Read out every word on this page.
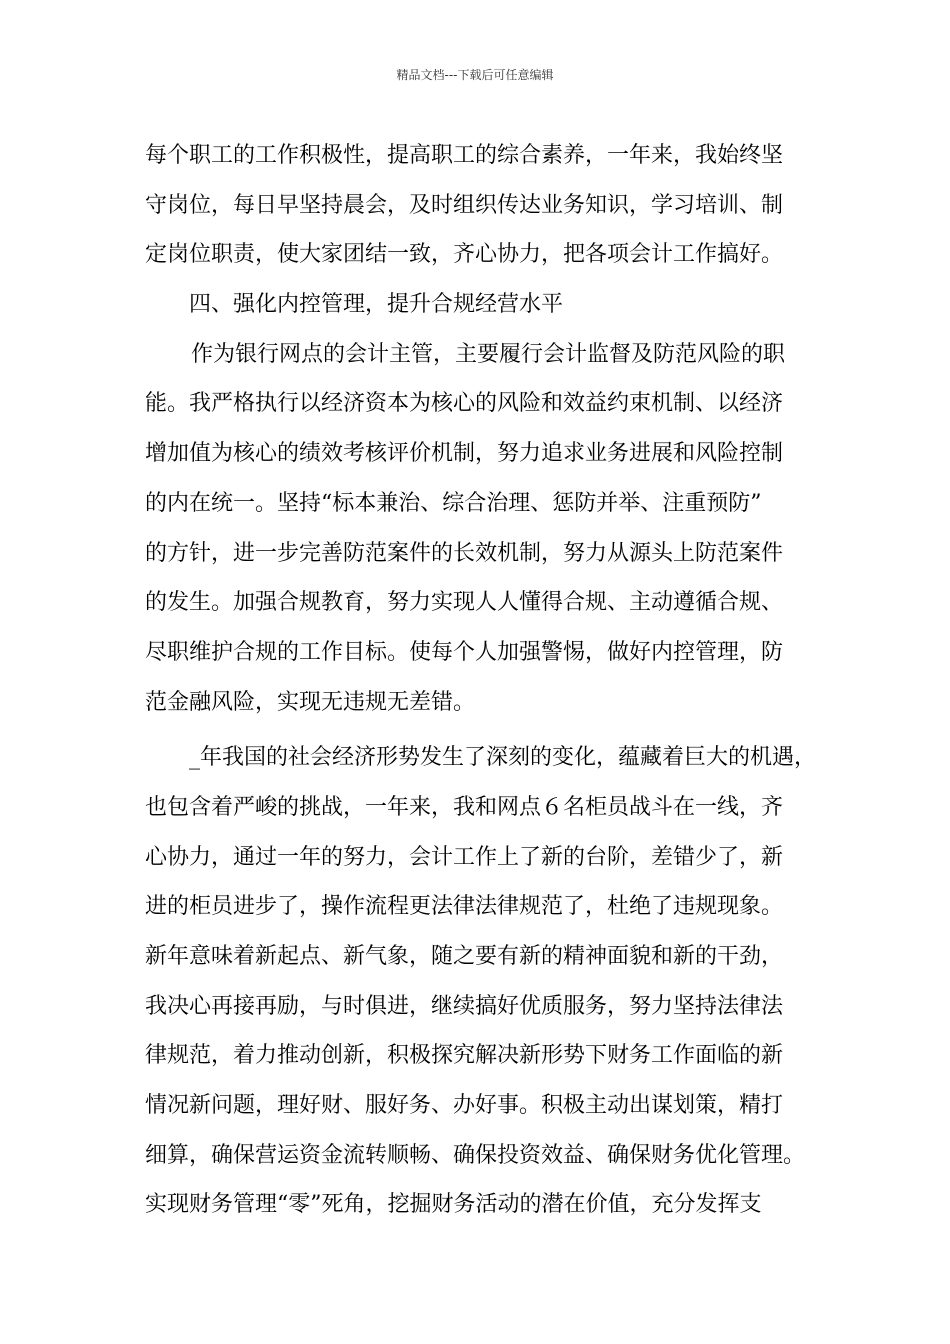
精品文档---下载后可任意编辑
每个职工的工作积极性，提高职工的综合素养，一年来，我始终坚
守岗位，每日早坚持晨会，及时组织传达业务知识，学习培训、制
定岗位职责，使大家团结一致，齐心协力，把各项会计工作搞好。
四、强化内控管理，提升合规经营水平
作为银行网点的会计主管，主要履行会计监督及防范风险的职
能。我严格执行以经济资本为核心的风险和效益约束机制、以经济
增加值为核心的绩效考核评价机制，努力追求业务进展和风险控制
的内在统一。坚持“标本兼治、综合治理、惩防并举、注重预防”
的方针，进一步完善防范案件的长效机制，努力从源头上防范案件
的发生。加强合规教育，努力实现人人懂得合规、主动遵循合规、
尽职维护合规的工作目标。使每个人加强警惕，做好内控管理，防
范金融风险，实现无违规无差错。
_年我国的社会经济形势发生了深刻的变化，蕴藏着巨大的机遇，
也包含着严峻的挑战，一年来，我和网点６名柜员战斗在一线，齐
心协力，通过一年的努力，会计工作上了新的台阶，差错少了，新
进的柜员进步了，操作流程更法律法律规范了，杜绝了违规现象。
新年意味着新起点、新气象，随之要有新的精神面貌和新的干劲，
我决心再接再励，与时俱进，继续搞好优质服务，努力坚持法律法
律规范，着力推动创新，积极探究解决新形势下财务工作面临的新
情况新问题，理好财、服好务、办好事。积极主动出谋划策，精打
细算，确保营运资金流转顺畅、确保投资效益、确保财务优化管理。
实现财务管理“零”死角，挖掘财务活动的潜在价值，充分发挥支
